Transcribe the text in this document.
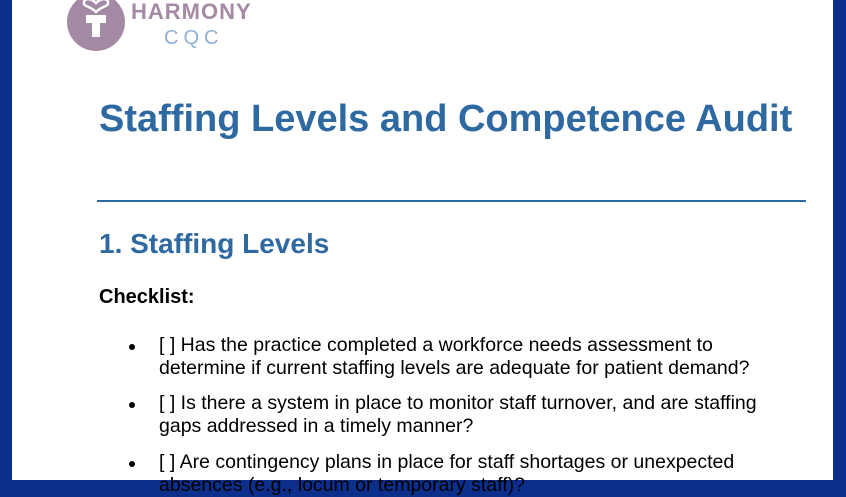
HARMONY
CQC
Staffing Levels and Competence Audit
1. Staffing Levels
Checklist:
[ ] Has the practice completed a workforce needs assessment to determine if current staffing levels are adequate for patient demand?
[ ] Is there a system in place to monitor staff turnover, and are staffing gaps addressed in a timely manner?
[ ] Are contingency plans in place for staff shortages or unexpected absences (e.g., locum or temporary staff)?
